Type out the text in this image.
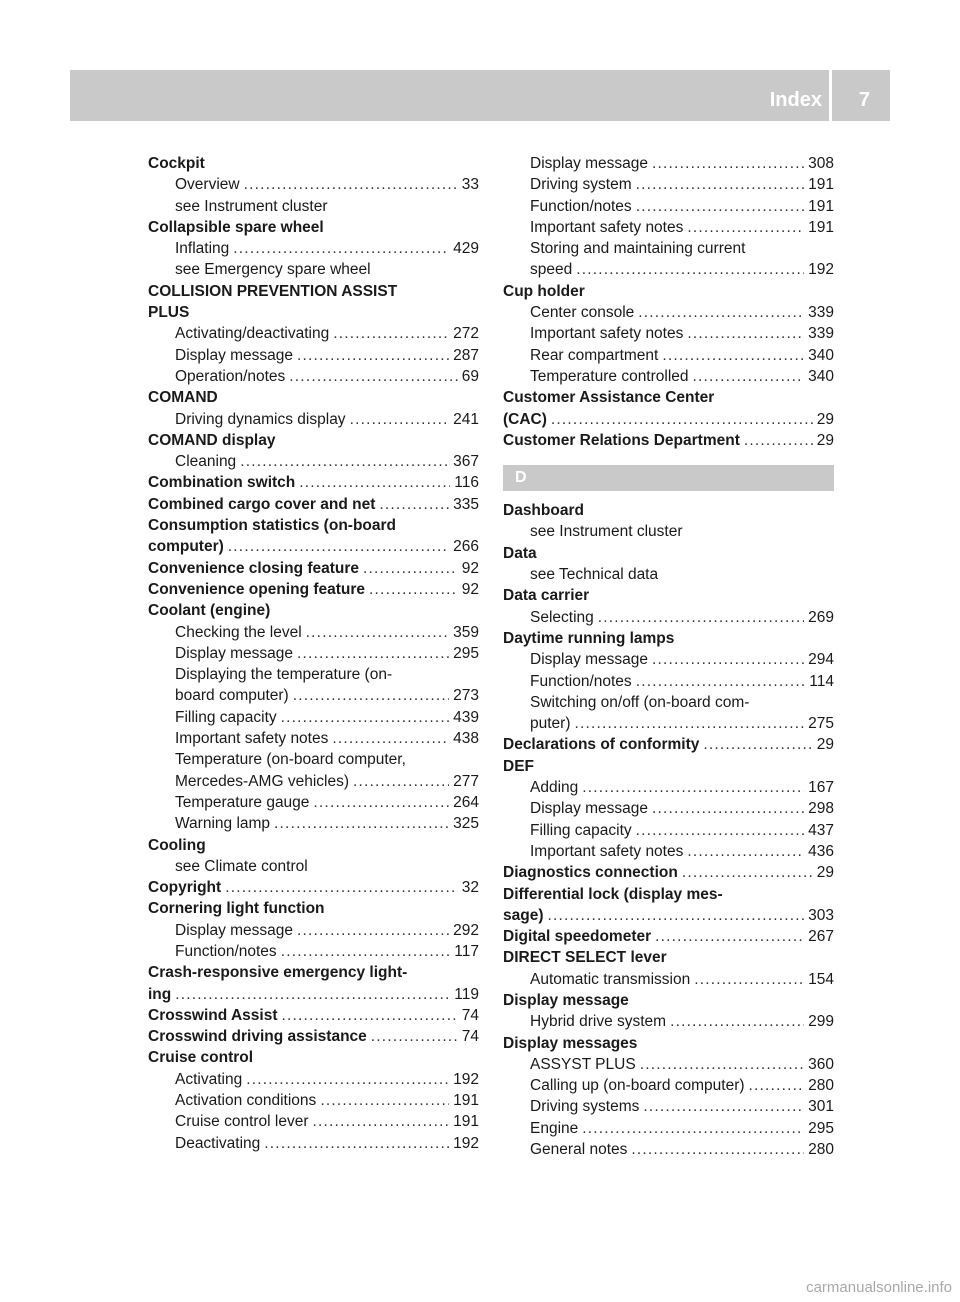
Index 7
Cockpit
Overview .....	33
see Instrument cluster
Collapsible spare wheel
Inflating .....	429
see Emergency spare wheel
COLLISION PREVENTION ASSIST
PLUS
Activating/deactivating .....	272
Display message .....	287
Operation/notes .....	69
COMAND
Driving dynamics display .....	241
COMAND display
Cleaning .....	367
Combination switch .....	116
Combined cargo cover and net .....	335
Consumption statistics (on-board
computer) .....	266
Convenience closing feature .....	92
Convenience opening feature .....	92
Coolant (engine)
Checking the level .....	359
Display message .....	295
Displaying the temperature (on-
board computer) .....	273
Filling capacity .....	439
Important safety notes .....	438
Temperature (on-board computer,
Mercedes-AMG vehicles) .....	277
Temperature gauge .....	264
Warning lamp .....	325
Cooling
see Climate control
Copyright .....	32
Cornering light function
Display message .....	292
Function/notes .....	117
Crash-responsive emergency light-
ing .....	119
Crosswind Assist .....	74
Crosswind driving assistance .....	74
Cruise control
Activating .....	192
Activation conditions .....	191
Cruise control lever .....	191
Deactivating .....	192
Display message .....	308
Driving system .....	191
Function/notes .....	191
Important safety notes .....	191
Storing and maintaining current
speed .....	192
Cup holder
Center console .....	339
Important safety notes .....	339
Rear compartment .....	340
Temperature controlled .....	340
Customer Assistance Center
(CAC) .....	29
Customer Relations Department .....	29
D
Dashboard
see Instrument cluster
Data
see Technical data
Data carrier
Selecting .....	269
Daytime running lamps
Display message .....	294
Function/notes .....	114
Switching on/off (on-board com-
puter) .....	275
Declarations of conformity .....	29
DEF
Adding .....	167
Display message .....	298
Filling capacity .....	437
Important safety notes .....	436
Diagnostics connection .....	29
Differential lock (display mes-
sage) .....	303
Digital speedometer .....	267
DIRECT SELECT lever
Automatic transmission .....	154
Display message
Hybrid drive system .....	299
Display messages
ASSYST PLUS .....	360
Calling up (on-board computer) .....	280
Driving systems .....	301
Engine .....	295
General notes .....	280
carmanualsonline.info
